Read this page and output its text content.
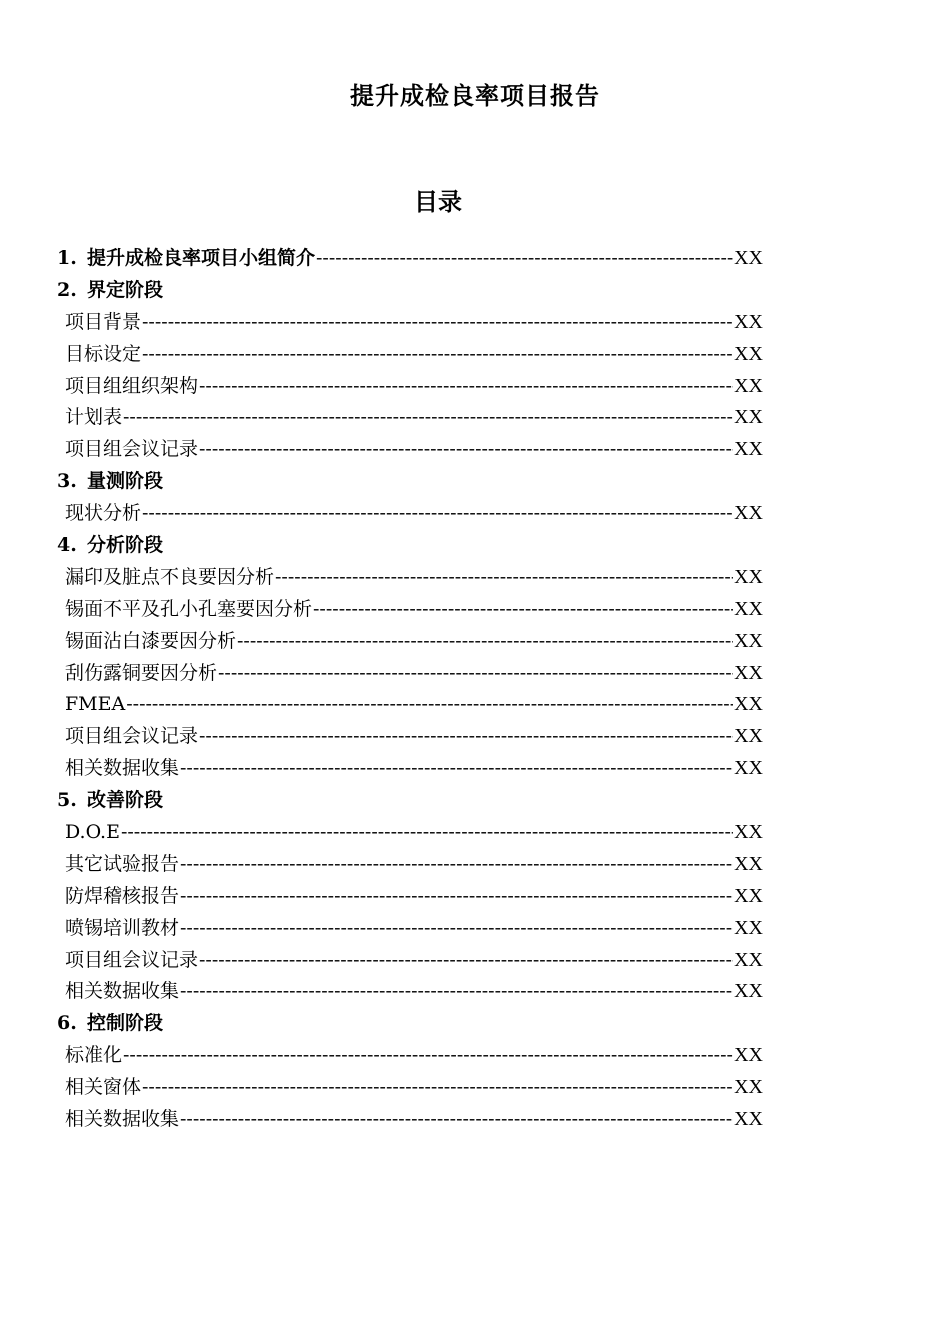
提升成检良率项目报告
目录
1. 提升成检良率项目小组简介 -----	XX
2. 界定阶段
项目背景 -----	XX
目标设定 -----	XX
项目组组织架构 -----	XX
计划表 -----	XX
项目组会议记录 -----	XX
3. 量测阶段
现状分析 -----	XX
4. 分析阶段
漏印及脏点不良要因分析 -----	XX
锡面不平及孔小孔塞要因分析 -----	XX
锡面沾白漆要因分析 -----	XX
刮伤露铜要因分析 -----	XX
FMEA -----	XX
项目组会议记录 -----	XX
相关数据收集 -----	XX
5. 改善阶段
D.O.E -----	XX
其它试验报告 -----	XX
防焊稽核报告 -----	XX
喷锡培训教材 -----	XX
项目组会议记录 -----	XX
相关数据收集 -----	XX
6. 控制阶段
标准化 -----	XX
相关窗体 -----	XX
相关数据收集 -----	XX
